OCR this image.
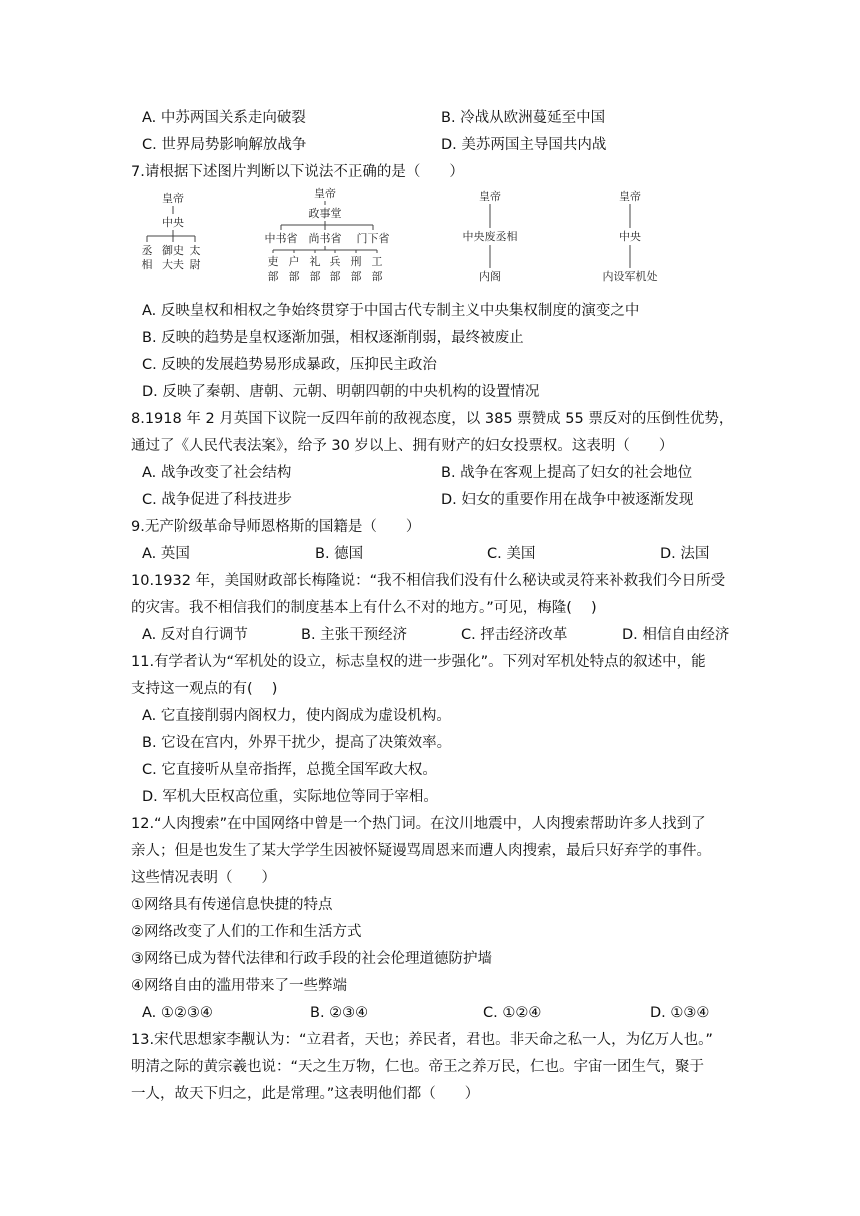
A. 中苏两国关系走向破裂	B. 冷战从欧洲蔓延至中国
C. 世界局势影响解放战争	D. 美苏两国主导国共内战
7.请根据下述图片判断以下说法不正确的是（　　）
皇帝
中央
丞
相
御史
大夫
太
尉
皇帝
政事堂
中书省 尚书省 门下省
吏
部
户
部
礼
部
兵
部
刑
部
工
部
皇帝
中央废丞相
内阁
皇帝
中央
内设军机处
A. 反映皇权和相权之争始终贯穿于中国古代专制主义中央集权制度的演变之中
B. 反映的趋势是皇权逐渐加强，相权逐渐削弱，最终被废止
C. 反映的发展趋势易形成暴政，压抑民主政治
D. 反映了秦朝、唐朝、元朝、明朝四朝的中央机构的设置情况
8.1918 年 2 月英国下议院一反四年前的敌视态度，以 385 票赞成 55 票反对的压倒性优势，
通过了《人民代表法案》，给予 30 岁以上、拥有财产的妇女投票权。这表明（　　）
A. 战争改变了社会结构	B. 战争在客观上提高了妇女的社会地位
C. 战争促进了科技进步	D. 妇女的重要作用在战争中被逐渐发现
9.无产阶级革命导师恩格斯的国籍是（　　）
A. 英国	B. 德国	C. 美国	D. 法国
10.1932 年，美国财政部长梅隆说：“我不相信我们没有什么秘诀或灵符来补救我们今日所受
的灾害。我不相信我们的制度基本上有什么不对的地方。”可见，梅隆(　 )
A. 反对自行调节	B. 主张干预经济	C. 抨击经济改革	D. 相信自由经济
11.有学者认为“军机处的设立，标志皇权的进一步强化”。下列对军机处特点的叙述中，能
支持这一观点的有(　 )
A. 它直接削弱内阁权力，使内阁成为虚设机构。
B. 它设在宫内，外界干扰少，提高了决策效率。
C. 它直接听从皇帝指挥，总揽全国军政大权。
D. 军机大臣权高位重，实际地位等同于宰相。
12.“人肉搜索”在中国网络中曾是一个热门词。在汶川地震中，人肉搜索帮助许多人找到了
亲人；但是也发生了某大学学生因被怀疑谩骂周恩来而遭人肉搜索，最后只好弃学的事件。
这些情况表明（　　）
①网络具有传递信息快捷的特点
②网络改变了人们的工作和生活方式
③网络已成为替代法律和行政手段的社会伦理道德防护墙
④网络自由的滥用带来了一些弊端
A. ①②③④	B. ②③④	C. ①②④	D. ①③④
13.宋代思想家李觏认为：“立君者，天也；养民者，君也。非天命之私一人，为亿万人也。”
明清之际的黄宗羲也说：“天之生万物，仁也。帝王之养万民，仁也。宇宙一团生气，聚于
一人，故天下归之，此是常理。”这表明他们都（　　）
